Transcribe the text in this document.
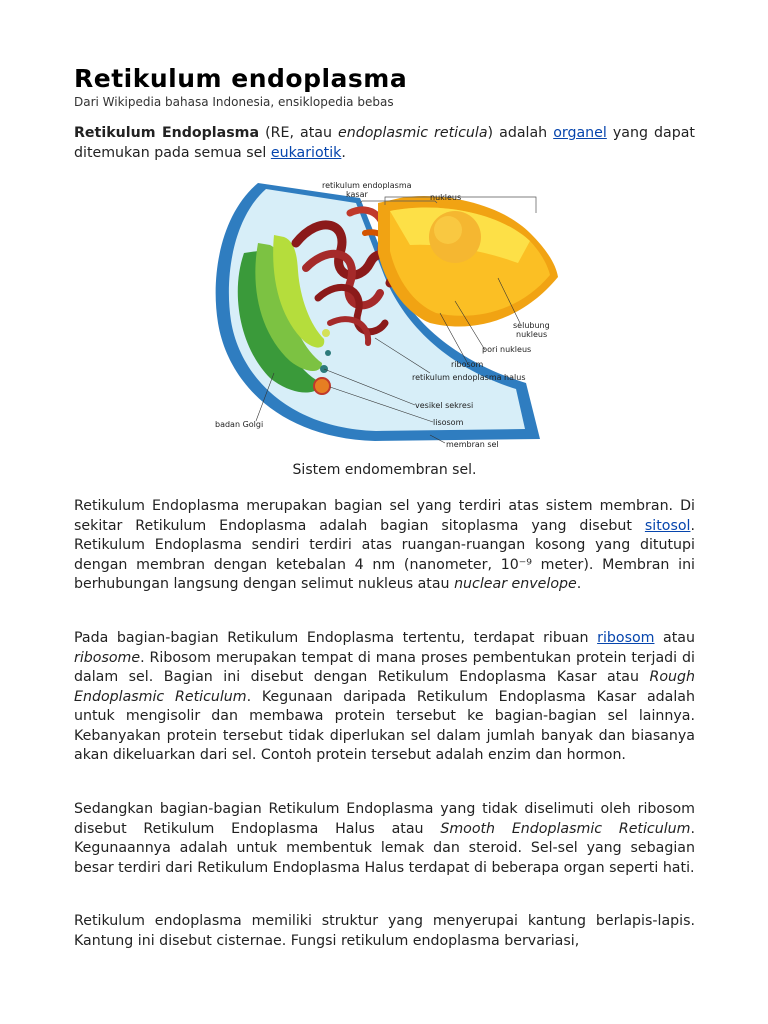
Retikulum endoplasma
Dari Wikipedia bahasa Indonesia, ensiklopedia bebas

Retikulum Endoplasma (RE, atau endoplasmic reticula) adalah organel yang dapat ditemukan pada semua sel eukariotik.

retikulum endoplasma
kasar	nukleus
selubung
nukleus
pori nukleus
ribosom
retikulum endoplasma halus
vesikel sekresi
lisosom
badan Golgi
membran sel
Sistem endomembran sel.

Retikulum Endoplasma merupakan bagian sel yang terdiri atas sistem membran. Di sekitar Retikulum Endoplasma adalah bagian sitoplasma yang disebut sitosol. Retikulum Endoplasma sendiri terdiri atas ruangan-ruangan kosong yang ditutupi dengan membran dengan ketebalan 4 nm (nanometer, 10⁻⁹ meter). Membran ini berhubungan langsung dengan selimut nukleus atau nuclear envelope.

Pada bagian-bagian Retikulum Endoplasma tertentu, terdapat ribuan ribosom atau ribosome. Ribosom merupakan tempat di mana proses pembentukan protein terjadi di dalam sel. Bagian ini disebut dengan Retikulum Endoplasma Kasar atau Rough Endoplasmic Reticulum. Kegunaan daripada Retikulum Endoplasma Kasar adalah untuk mengisolir dan membawa protein tersebut ke bagian-bagian sel lainnya. Kebanyakan protein tersebut tidak diperlukan sel dalam jumlah banyak dan biasanya akan dikeluarkan dari sel. Contoh protein tersebut adalah enzim dan hormon.

Sedangkan bagian-bagian Retikulum Endoplasma yang tidak diselimuti oleh ribosom disebut Retikulum Endoplasma Halus atau Smooth Endoplasmic Reticulum. Kegunaannya adalah untuk membentuk lemak dan steroid. Sel-sel yang sebagian besar terdiri dari Retikulum Endoplasma Halus terdapat di beberapa organ seperti hati.

Retikulum endoplasma memiliki struktur yang menyerupai kantung berlapis-lapis. Kantung ini disebut cisternae. Fungsi retikulum endoplasma bervariasi,
